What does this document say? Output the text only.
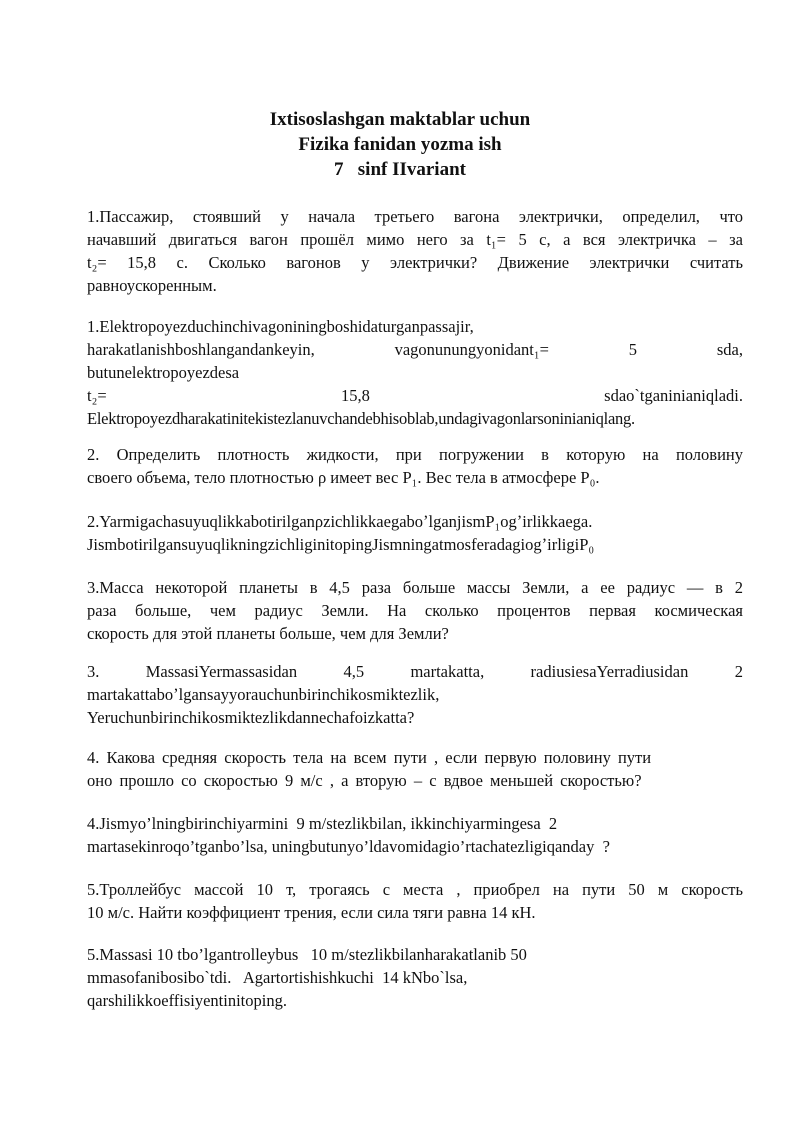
Ixtisoslashgan maktablar uchun
Fizika fanidan yozma ish
7   sinf IIvariant
1.Пассажир, стоявший у начала третьего вагона электрички, определил, что
начавший двигаться вагон прошёл мимо него за t₁= 5 с, а вся электричка – за
t₂= 15,8 с. Сколько вагонов у электрички? Движение электрички считать
равноускоренным.
1.Elektropoyezduchinchivagoniningboshidaturganpassajir,
harakatlanishboshlangandankeyin,	vagonunungyonidant₁=	5	sda,
butunelektropoyezdesa
t₂=	15,8	sdao`tganinianiqladi.
Elektropoyezdharakatinitekistezlanuvchandebhisoblab,undagivagonlarsoninianiqlang.
2. Определить плотность жидкости, при погружении в которую на половину
своего объема, тело плотностью ρ имеет вес P₁. Вес тела в атмосфере P₀.
2.YarmigachasuyuqlikkabotirilganρzichlikkaegaboʼlganjismP₁ogʼirlikkaega.
JismbotirilgansuyuqlikningzichliginitopingJismningatmosferadagiogʼirligiP₀
3.Масса некоторой планеты в 4,5 раза больше массы Земли, а ее радиус — в 2
раза больше, чем радиус Земли. На сколько процентов первая космическая
скорость для этой планеты больше, чем для Земли?
3.	MassasiYermassasidan	4,5	martakatta,	radiusiesaYerradiusidan	2
martakattaboʼlgansayyorauchunbirinchikosmiktezlik,
Yeruchunbirinchikosmiktezlikdannechafoizkatta?
4. Какова средняя скорость тела на всем пути , если первую половину пути
оно прошло со скоростью 9 м/с , а вторую – с вдвое меньшей скоростью?
4.Jismyo’lningbirinchiyarmini  9 m/stezlikbilan, ikkinchiyarmingesa  2
martasekinroqo’tganbo’lsa, uningbutunyo’ldavomidagio’rtachatezligiqanday  ?
5.Троллейбус массой 10 т, трогаясь с места , приобрел на пути 50 м скорость
10 м/с. Найти коэффициент трения, если сила тяги равна 14 кН.
5.Massasi 10 tbo’lgantrolleybus   10 m/stezlikbilanharakatlanib 50
mmasofanibosibo`tdi.   Agartortishishkuchi  14 kNbo`lsa,
qarshilikkoeffisiyentinitoping.
